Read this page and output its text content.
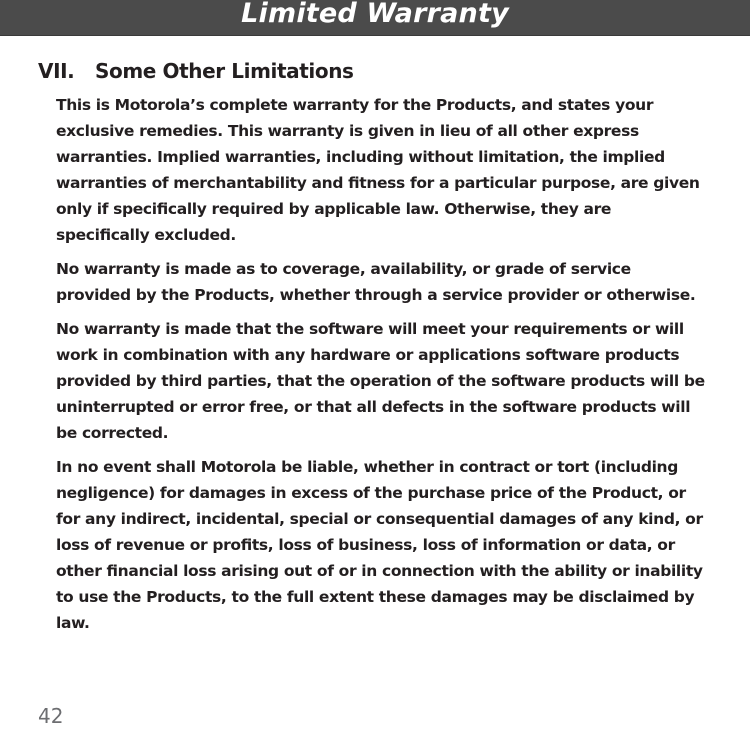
Limited Warranty
VII. Some Other Limitations

This is Motorola’s complete warranty for the Products, and states your exclusive remedies. This warranty is given in lieu of all other express warranties. Implied warranties, including without limitation, the implied warranties of merchantability and ﬁtness for a particular purpose, are given only if speciﬁcally required by applicable law. Otherwise, they are speciﬁcally excluded.

No warranty is made as to coverage, availability, or grade of service provided by the Products, whether through a service provider or otherwise.

No warranty is made that the software will meet your requirements or will work in combination with any hardware or applications software products provided by third parties, that the operation of the software products will be uninterrupted or error free, or that all defects in the software products will be corrected.

In no event shall Motorola be liable, whether in contract or tort (including negligence) for damages in excess of the purchase price of the Product, or for any indirect, incidental, special or consequential damages of any kind, or loss of revenue or proﬁts, loss of business, loss of information or data, or other ﬁnancial loss arising out of or in connection with the ability or inability to use the Products, to the full extent these damages may be disclaimed by law.

42
